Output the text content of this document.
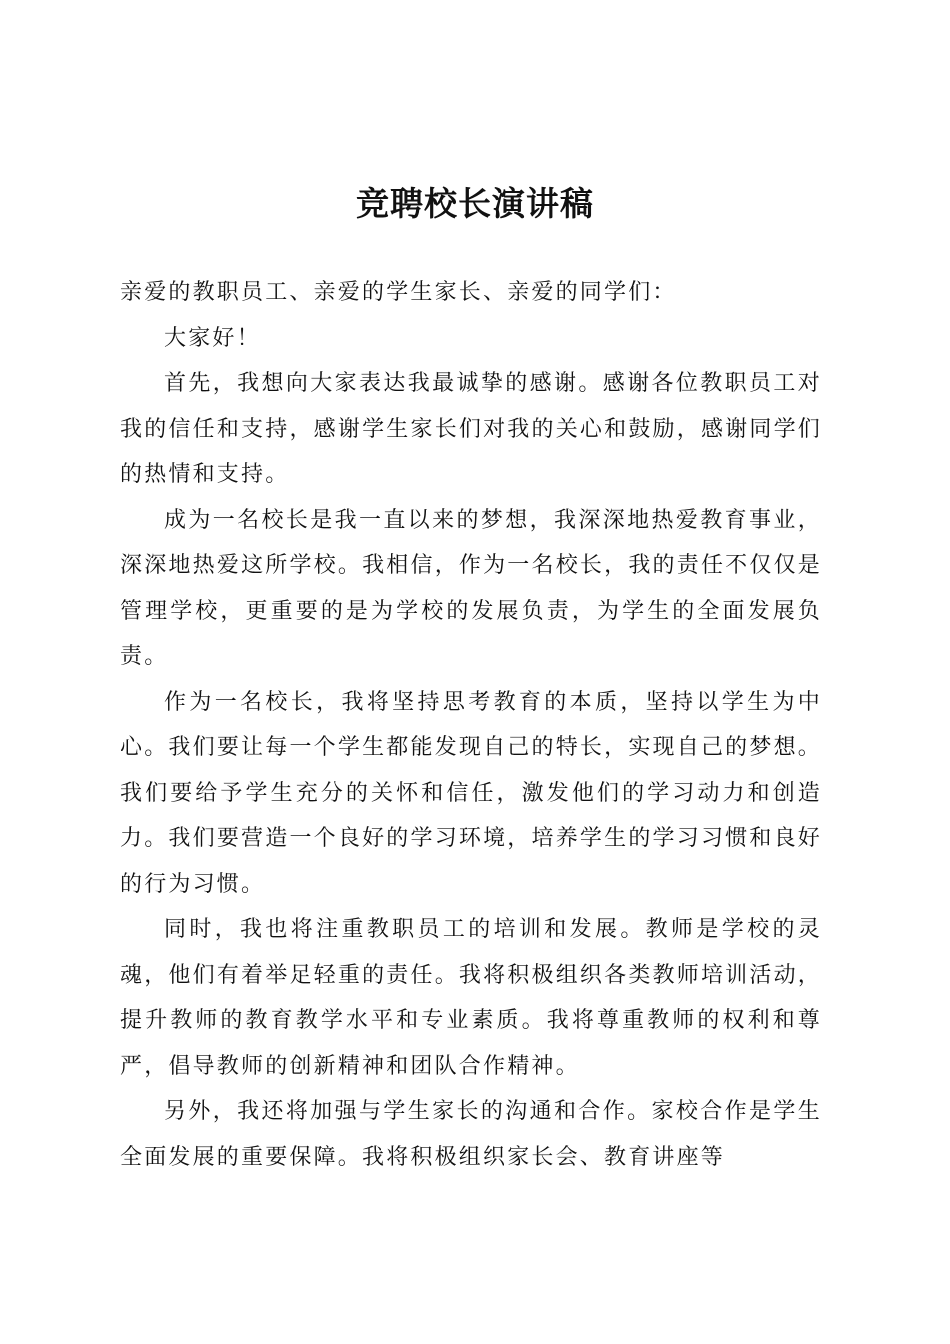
竞聘校长演讲稿

亲爱的教职员工、亲爱的学生家长、亲爱的同学们：

大家好！

首先，我想向大家表达我最诚挚的感谢。感谢各位教职员工对我的信任和支持，感谢学生家长们对我的关心和鼓励，感谢同学们的热情和支持。

成为一名校长是我一直以来的梦想，我深深地热爱教育事业，深深地热爱这所学校。我相信，作为一名校长，我的责任不仅仅是管理学校，更重要的是为学校的发展负责，为学生的全面发展负责。

作为一名校长，我将坚持思考教育的本质，坚持以学生为中心。我们要让每一个学生都能发现自己的特长，实现自己的梦想。我们要给予学生充分的关怀和信任，激发他们的学习动力和创造力。我们要营造一个良好的学习环境，培养学生的学习习惯和良好的行为习惯。

同时，我也将注重教职员工的培训和发展。教师是学校的灵魂，他们有着举足轻重的责任。我将积极组织各类教师培训活动，提升教师的教育教学水平和专业素质。我将尊重教师的权利和尊严，倡导教师的创新精神和团队合作精神。

另外，我还将加强与学生家长的沟通和合作。家校合作是学生全面发展的重要保障。我将积极组织家长会、教育讲座等
